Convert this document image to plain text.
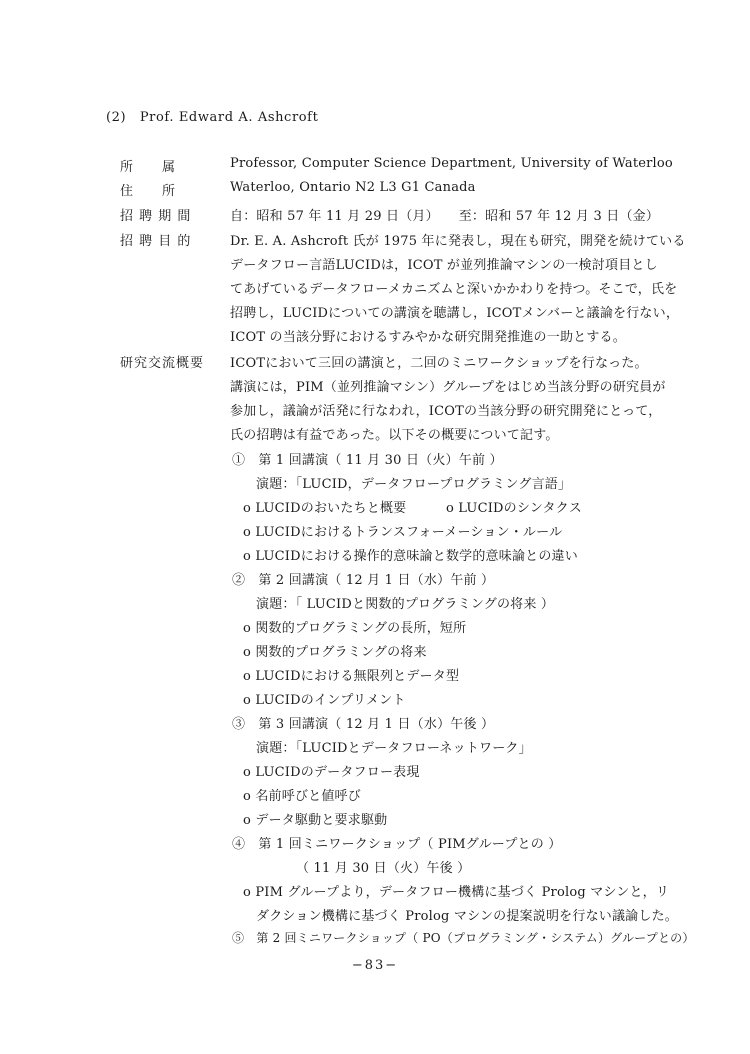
(2)　Prof. Edward A. Ashcroft
所　　属	Professor, Computer Science Department, University of Waterloo
住　　所	Waterloo, Ontario N2 L3 G1 Canada
招 聘 期 間	自：昭和 57 年 11 月 29 日（月）　　至：昭和 57 年 12 月 3 日（金）
招 聘 目 的	Dr. E. A. Ashcroft 氏が 1975 年に発表し，現在も研究，開発を続けている
データフロー言語LUCIDは，ICOT が並列推論マシンの一検討項目とし
てあげているデータフローメカニズムと深いかかわりを持つ。そこで，氏を
招聘し，LUCIDについての講演を聴講し，ICOTメンバーと議論を行ない，
ICOT の当該分野におけるすみやかな研究開発推進の一助とする。
研究交流概要	ICOTにおいて三回の講演と，二回のミニワークショップを行なった。
講演には，PIM（並列推論マシン）グループをはじめ当該分野の研究員が
参加し，議論が活発に行なわれ，ICOTの当該分野の研究開発にとって，
氏の招聘は有益であった。以下その概要について記す。
①　第 1 回講演（ 11 月 30 日（火）午前 ）
演題：「LUCID，データフロープログラミング言語」
o LUCIDのおいたちと概要　　　o LUCIDのシンタクス
o LUCIDにおけるトランスフォーメーション・ルール
o LUCIDにおける操作的意味論と数学的意味論との違い
②　第 2 回講演（ 12 月 1 日（水）午前 ）
演題：「 LUCIDと関数的プログラミングの将来 ）
o 関数的プログラミングの長所，短所
o 関数的プログラミングの将来
o LUCIDにおける無限列とデータ型
o LUCIDのインプリメント
③　第 3 回講演（ 12 月 1 日（水）午後 ）
演題：「LUCIDとデータフローネットワーク」
o LUCIDのデータフロー表現
o 名前呼びと値呼び
o データ駆動と要求駆動
④　第 1 回ミニワークショップ（ PIMグループとの ）
（ 11 月 30 日（火）午後 ）
o PIM グループより，データフロー機構に基づく Prolog マシンと，リ
ダクション機構に基づく Prolog マシンの提案説明を行ない議論した。
⑤　第 2 回ミニワークショップ（ PO（プログラミング・システム）グループとの）
−83−
